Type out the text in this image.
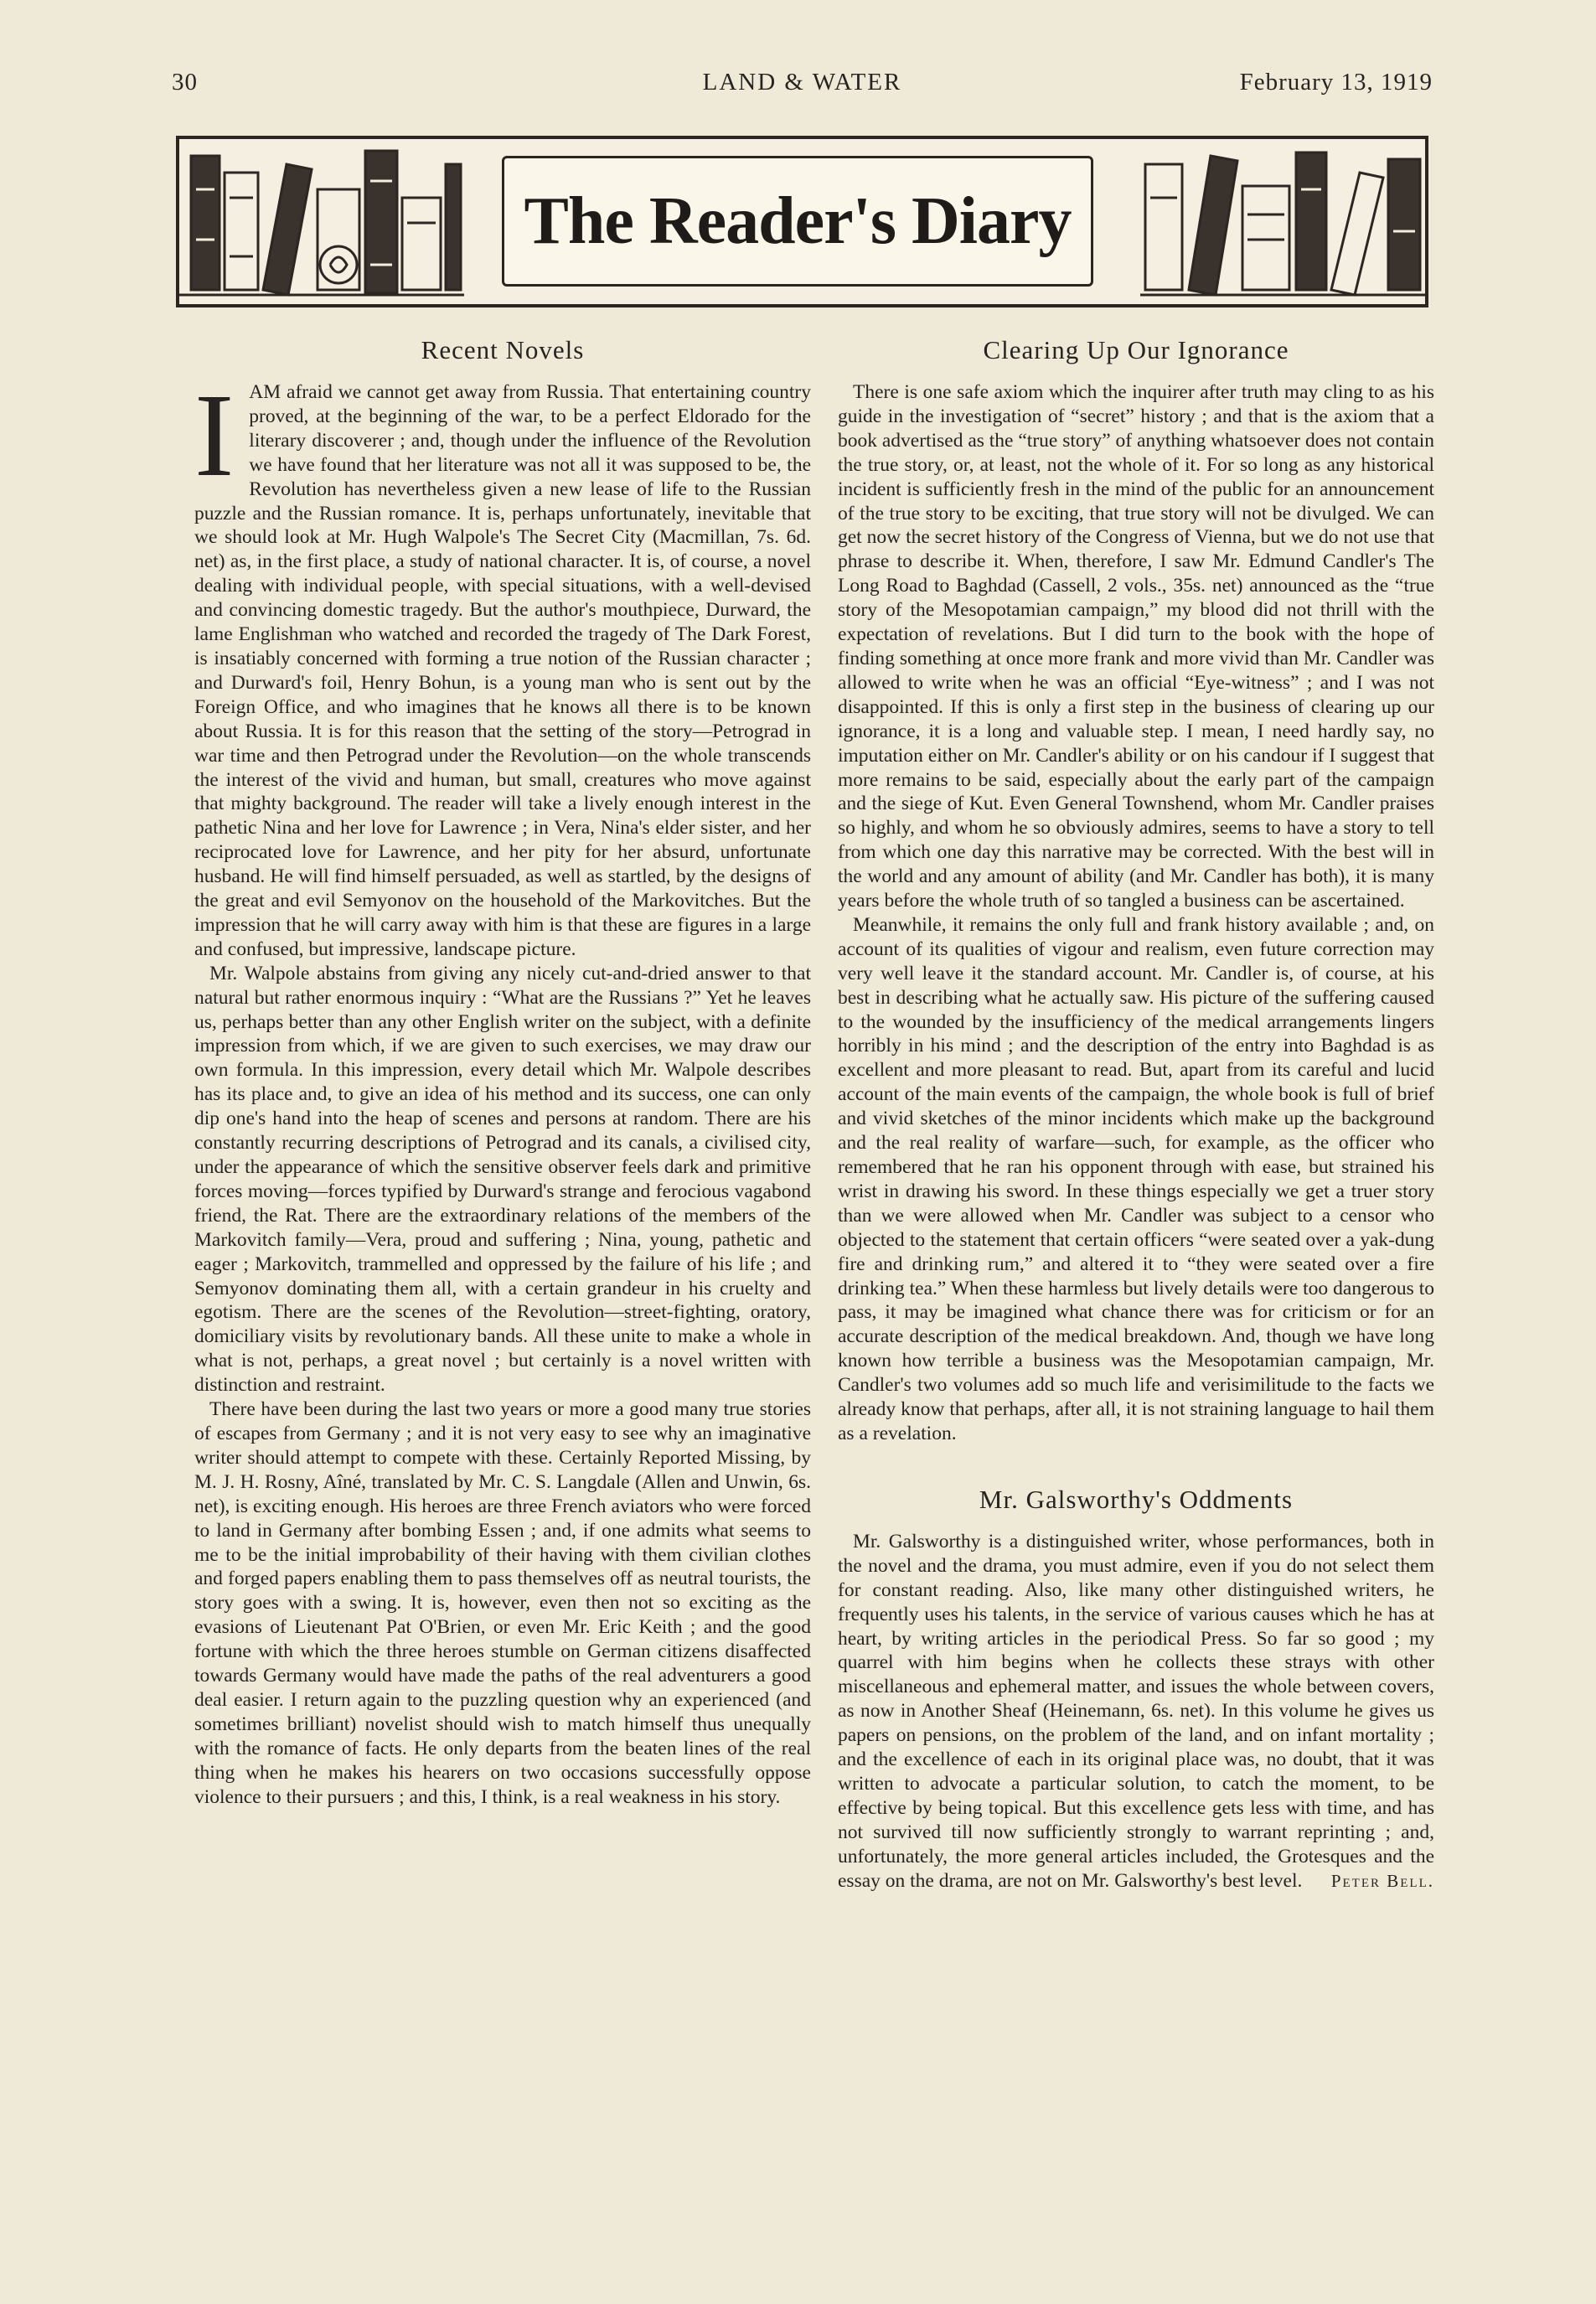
30	LAND & WATER	February 13, 1919
The Reader's Diary
Recent Novels

IAM afraid we cannot get away from Russia. That entertaining country proved, at the beginning of the war, to be a perfect Eldorado for the literary discoverer ; and, though under the influence of the Revolution we have found that her literature was not all it was supposed to be, the Revolution has nevertheless given a new lease of life to the Russian puzzle and the Russian romance. It is, perhaps unfortunately, inevitable that we should look at Mr. Hugh Walpole's The Secret City (Macmillan, 7s. 6d. net) as, in the first place, a study of national character. It is, of course, a novel dealing with individual people, with special situations, with a well-devised and convincing domestic tragedy. But the author's mouthpiece, Durward, the lame Englishman who watched and recorded the tragedy of The Dark Forest, is insatiably concerned with forming a true notion of the Russian character ; and Durward's foil, Henry Bohun, is a young man who is sent out by the Foreign Office, and who imagines that he knows all there is to be known about Russia. It is for this reason that the setting of the story—Petrograd in war time and then Petrograd under the Revolution—on the whole transcends the interest of the vivid and human, but small, creatures who move against that mighty background. The reader will take a lively enough interest in the pathetic Nina and her love for Lawrence ; in Vera, Nina's elder sister, and her reciprocated love for Lawrence, and her pity for her absurd, unfortunate husband. He will find himself persuaded, as well as startled, by the designs of the great and evil Semyonov on the household of the Markovitches. But the impression that he will carry away with him is that these are figures in a large and confused, but impressive, landscape picture.

Mr. Walpole abstains from giving any nicely cut-and-dried answer to that natural but rather enormous inquiry : “What are the Russians ?” Yet he leaves us, perhaps better than any other English writer on the subject, with a definite impression from which, if we are given to such exercises, we may draw our own formula. In this impression, every detail which Mr. Walpole describes has its place and, to give an idea of his method and its success, one can only dip one's hand into the heap of scenes and persons at random. There are his constantly recurring descriptions of Petrograd and its canals, a civilised city, under the appearance of which the sensitive observer feels dark and primitive forces moving—forces typified by Durward's strange and ferocious vagabond friend, the Rat. There are the extraordinary relations of the members of the Markovitch family—Vera, proud and suffering ; Nina, young, pathetic and eager ; Markovitch, trammelled and oppressed by the failure of his life ; and Semyonov dominating them all, with a certain grandeur in his cruelty and egotism. There are the scenes of the Revolution—street-fighting, oratory, domiciliary visits by revolutionary bands. All these unite to make a whole in what is not, perhaps, a great novel ; but certainly is a novel written with distinction and restraint.

There have been during the last two years or more a good many true stories of escapes from Germany ; and it is not very easy to see why an imaginative writer should attempt to compete with these. Certainly Reported Missing, by M. J. H. Rosny, Aîné, translated by Mr. C. S. Langdale (Allen and Unwin, 6s. net), is exciting enough. His heroes are three French aviators who were forced to land in Germany after bombing Essen ; and, if one admits what seems to me to be the initial improbability of their having with them civilian clothes and forged papers enabling them to pass themselves off as neutral tourists, the story goes with a swing. It is, however, even then not so exciting as the evasions of Lieutenant Pat O'Brien, or even Mr. Eric Keith ; and the good fortune with which the three heroes stumble on German citizens disaffected towards Germany would have made the paths of the real adventurers a good deal easier. I return again to the puzzling question why an experienced (and sometimes brilliant) novelist should wish to match himself thus unequally with the romance of facts. He only departs from the beaten lines of the real thing when he makes his hearers on two occasions successfully oppose violence to their pursuers ; and this, I think, is a real weakness in his story.

Clearing Up Our Ignorance

There is one safe axiom which the inquirer after truth may cling to as his guide in the investigation of “secret” history ; and that is the axiom that a book advertised as the “true story” of anything whatsoever does not contain the true story, or, at least, not the whole of it. For so long as any historical incident is sufficiently fresh in the mind of the public for an announcement of the true story to be exciting, that true story will not be divulged. We can get now the secret history of the Congress of Vienna, but we do not use that phrase to describe it. When, therefore, I saw Mr. Edmund Candler's The Long Road to Baghdad (Cassell, 2 vols., 35s. net) announced as the “true story of the Mesopotamian campaign,” my blood did not thrill with the expectation of revelations. But I did turn to the book with the hope of finding something at once more frank and more vivid than Mr. Candler was allowed to write when he was an official “Eye-witness” ; and I was not disappointed. If this is only a first step in the business of clearing up our ignorance, it is a long and valuable step. I mean, I need hardly say, no imputation either on Mr. Candler's ability or on his candour if I suggest that more remains to be said, especially about the early part of the campaign and the siege of Kut. Even General Townshend, whom Mr. Candler praises so highly, and whom he so obviously admires, seems to have a story to tell from which one day this narrative may be corrected. With the best will in the world and any amount of ability (and Mr. Candler has both), it is many years before the whole truth of so tangled a business can be ascertained.

Meanwhile, it remains the only full and frank history available ; and, on account of its qualities of vigour and realism, even future correction may very well leave it the standard account. Mr. Candler is, of course, at his best in describing what he actually saw. His picture of the suffering caused to the wounded by the insufficiency of the medical arrangements lingers horribly in his mind ; and the description of the entry into Baghdad is as excellent and more pleasant to read. But, apart from its careful and lucid account of the main events of the campaign, the whole book is full of brief and vivid sketches of the minor incidents which make up the background and the real reality of warfare—such, for example, as the officer who remembered that he ran his opponent through with ease, but strained his wrist in drawing his sword. In these things especially we get a truer story than we were allowed when Mr. Candler was subject to a censor who objected to the statement that certain officers “were seated over a yak-dung fire and drinking rum,” and altered it to “they were seated over a fire drinking tea.” When these harmless but lively details were too dangerous to pass, it may be imagined what chance there was for criticism or for an accurate description of the medical breakdown. And, though we have long known how terrible a business was the Mesopotamian campaign, Mr. Candler's two volumes add so much life and verisimilitude to the facts we already know that perhaps, after all, it is not straining language to hail them as a revelation.

Mr. Galsworthy's Oddments

Mr. Galsworthy is a distinguished writer, whose performances, both in the novel and the drama, you must admire, even if you do not select them for constant reading. Also, like many other distinguished writers, he frequently uses his talents, in the service of various causes which he has at heart, by writing articles in the periodical Press. So far so good ; my quarrel with him begins when he collects these strays with other miscellaneous and ephemeral matter, and issues the whole between covers, as now in Another Sheaf (Heinemann, 6s. net). In this volume he gives us papers on pensions, on the problem of the land, and on infant mortality ; and the excellence of each in its original place was, no doubt, that it was written to advocate a particular solution, to catch the moment, to be effective by being topical. But this excellence gets less with time, and has not survived till now sufficiently strongly to warrant reprinting ; and, unfortunately, the more general articles included, the Grotesques and the essay on the drama, are not on Mr. Galsworthy's best level.	Peter Bell.
